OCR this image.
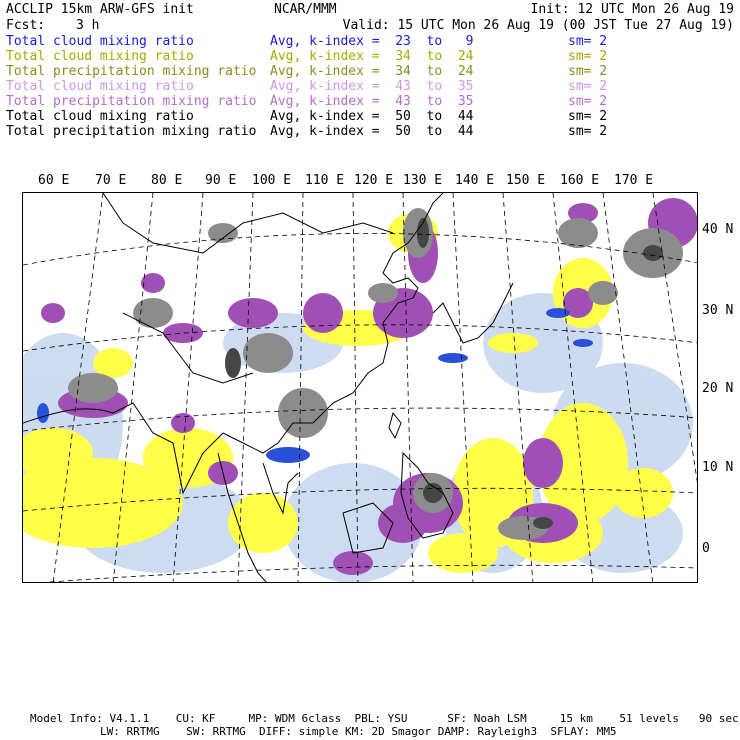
ACCLIP 15km ARW-GFS init

	NCAR/MMM

	Init: 12 UTC Mon 26 Aug 19

Fcst:

3 h

	Valid: 15 UTC Mon 26 Aug 19 (00 JST Tue 27 Aug 19)

Total cloud mixing ratio	Avg, k-index =  23  to   9	sm= 2
Total cloud mixing ratio	Avg, k-index =  34  to  24	sm= 2
Total precipitation mixing ratio Avg, k-index =  34  to  24	sm= 2
Total cloud mixing ratio	Avg, k-index =  43  to  35	sm= 2
Total precipitation mixing ratio Avg, k-index =  43  to  35	sm= 2
Total cloud mixing ratio	Avg, k-index =  50  to  44	sm= 2
Total precipitation mixing ratio Avg, k-index =  50  to  44	sm= 2
60 E 70 E 80 E 90 E 100 E 110 E 120 E 130 E 140 E 150 E 160 E 170 E
40 N
30 N
20 N
10 N
0
Model Info: V4.1.1    CU: KF     MP: WDM 6class  PBL: YSU      SF: Noah LSM     15 km    51 levels   90 sec
LW: RRTMG    SW: RRTMG  DIFF: simple KM: 2D Smagor DAMP: Rayleigh3  SFLAY: MM5
